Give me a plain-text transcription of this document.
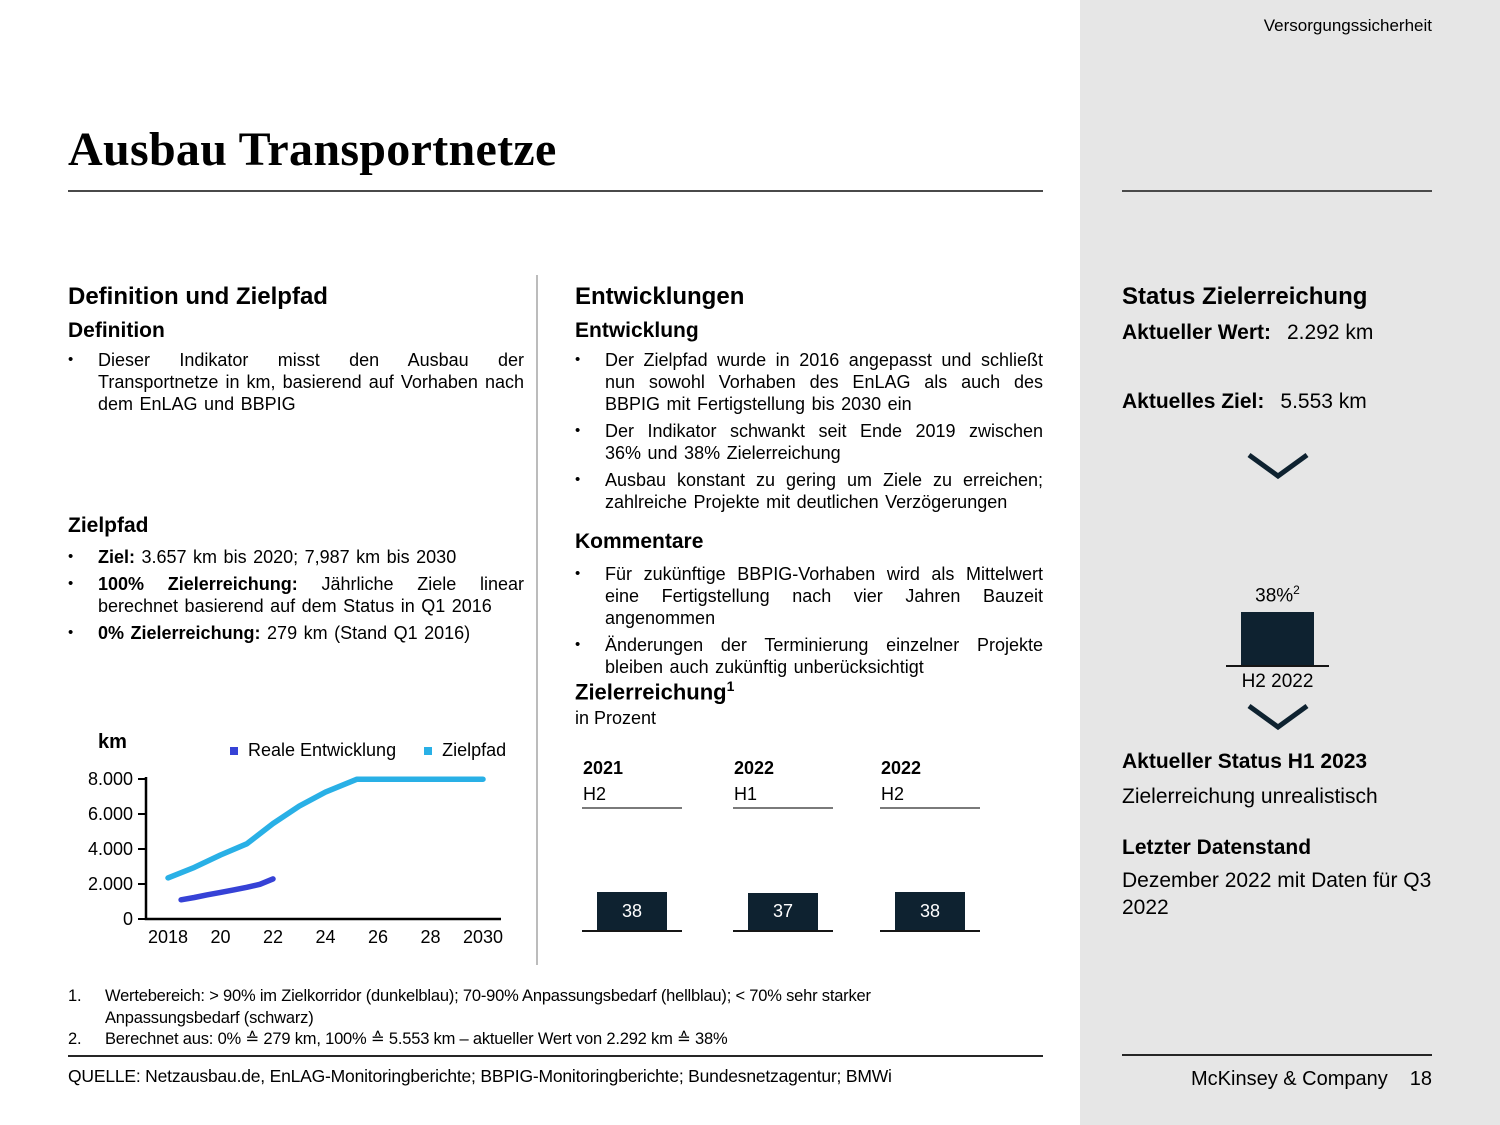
Versorgungssicherheit
Ausbau Transportnetze
Definition und Zielpfad
Definition
•	Dieser Indikator misst den Ausbau der Transportnetze in km, basierend auf Vorhaben nach dem EnLAG und BBPIG
Zielpfad
•	Ziel: 3.657 km bis 2020; 7,987 km bis 2030
•	100% Zielerreichung: Jährliche Ziele linear berechnet basierend auf dem Status in Q1 2016
•	0% Zielerreichung: 279 km (Stand Q1 2016)
km	Reale Entwicklung	Zielpfad
0
2.000
4.000
6.000
8.000
2018 20 22 24 26 28 2030
Entwicklungen
Entwicklung
•	Der Zielpfad wurde in 2016 angepasst und schließt nun sowohl Vorhaben des EnLAG als auch des BBPIG mit Fertigstellung bis 2030 ein
•	Der Indikator schwankt seit Ende 2019 zwischen 36% und 38% Zielerreichung
•	Ausbau konstant zu gering um Ziele zu erreichen; zahlreiche Projekte mit deutlichen Verzögerungen
Kommentare
•	Für zukünftige BBPIG-Vorhaben wird als Mittelwert eine Fertigstellung nach vier Jahren Bauzeit angenommen
•	Änderungen der Terminierung einzelner Projekte bleiben auch zukünftig unberücksichtigt
Zielerreichung$^1$
in Prozent
2021
H2
38
2022
H1
37
2022
H2
38
Status Zielerreichung
Aktueller Wert: 2.292 km
Aktuelles Ziel: 5.553 km
38%$^2$
H2 2022
Aktueller Status H1 2023
Zielerreichung unrealistisch
Letzter Datenstand
Dezember 2022 mit Daten für Q3 2022
McKinsey & Company 18
1.	Wertebereich: > 90% im Zielkorridor (dunkelblau); 70-90% Anpassungsbedarf (hellblau); < 70% sehr starker Anpassungsbedarf (schwarz)
2.	Berechnet aus: 0% ≙ 279 km, 100% ≙ 5.553 km – aktueller Wert von 2.292 km ≙ 38%
QUELLE: Netzausbau.de, EnLAG-Monitoringberichte; BBPIG-Monitoringberichte; Bundesnetzagentur; BMWi
